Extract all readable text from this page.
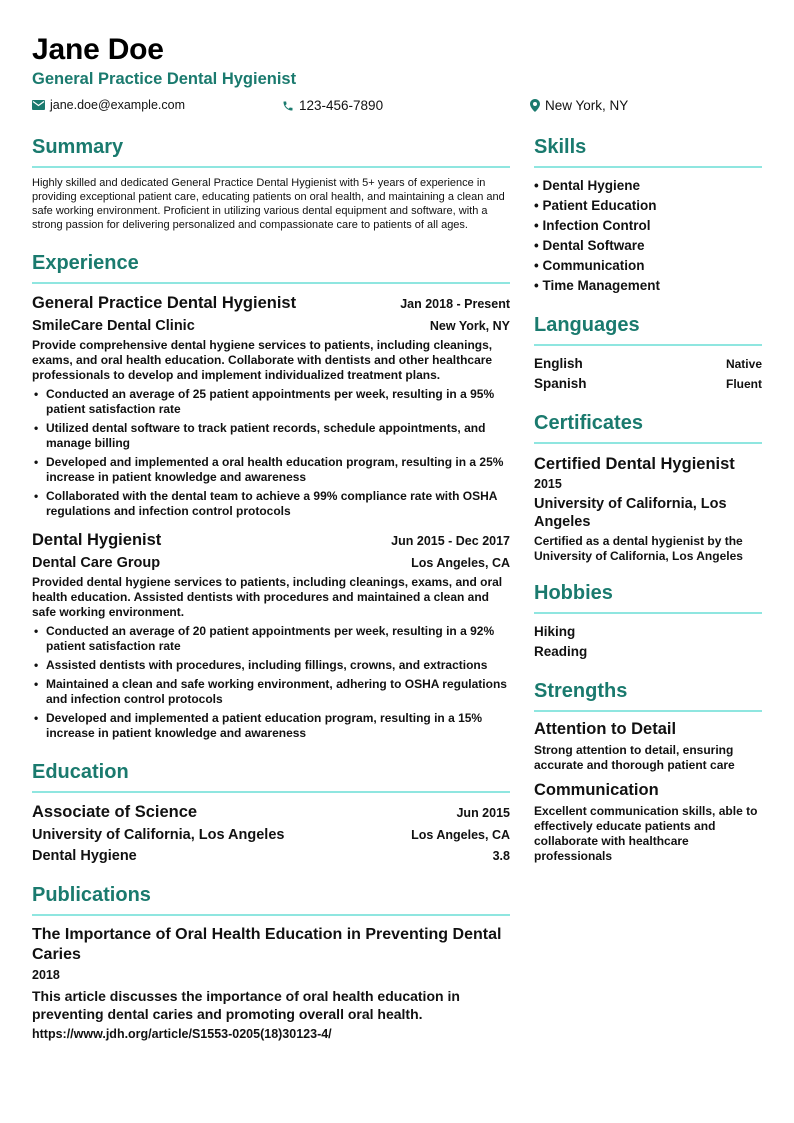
Jane Doe
General Practice Dental Hygienist
jane.doe@example.com	123-456-7890	New York, NY
Summary
Highly skilled and dedicated General Practice Dental Hygienist with 5+ years of experience in providing exceptional patient care, educating patients on oral health, and maintaining a clean and safe working environment. Proficient in utilizing various dental equipment and software, with a strong passion for delivering personalized and compassionate care to patients of all ages.
Experience
General Practice Dental Hygienist	Jan 2018 - Present
SmileCare Dental Clinic	New York, NY
Provide comprehensive dental hygiene services to patients, including cleanings, exams, and oral health education. Collaborate with dentists and other healthcare professionals to develop and implement individualized treatment plans.
• Conducted an average of 25 patient appointments per week, resulting in a 95% patient satisfaction rate
• Utilized dental software to track patient records, schedule appointments, and manage billing
• Developed and implemented a oral health education program, resulting in a 25% increase in patient knowledge and awareness
• Collaborated with the dental team to achieve a 99% compliance rate with OSHA regulations and infection control protocols
Dental Hygienist	Jun 2015 - Dec 2017
Dental Care Group	Los Angeles, CA
Provided dental hygiene services to patients, including cleanings, exams, and oral health education. Assisted dentists with procedures and maintained a clean and safe working environment.
• Conducted an average of 20 patient appointments per week, resulting in a 92% patient satisfaction rate
• Assisted dentists with procedures, including fillings, crowns, and extractions
• Maintained a clean and safe working environment, adhering to OSHA regulations and infection control protocols
• Developed and implemented a patient education program, resulting in a 15% increase in patient knowledge and awareness
Education
Associate of Science	Jun 2015
University of California, Los Angeles	Los Angeles, CA
Dental Hygiene	3.8
Publications
The Importance of Oral Health Education in Preventing Dental Caries
2018
This article discusses the importance of oral health education in preventing dental caries and promoting overall oral health.
https://www.jdh.org/article/S1553-0205(18)30123-4/
Skills
• Dental Hygiene
• Patient Education
• Infection Control
• Dental Software
• Communication
• Time Management
Languages
English	Native
Spanish	Fluent
Certificates
Certified Dental Hygienist
2015
University of California, Los Angeles
Certified as a dental hygienist by the University of California, Los Angeles
Hobbies
Hiking
Reading
Strengths
Attention to Detail
Strong attention to detail, ensuring accurate and thorough patient care
Communication
Excellent communication skills, able to effectively educate patients and collaborate with healthcare professionals
